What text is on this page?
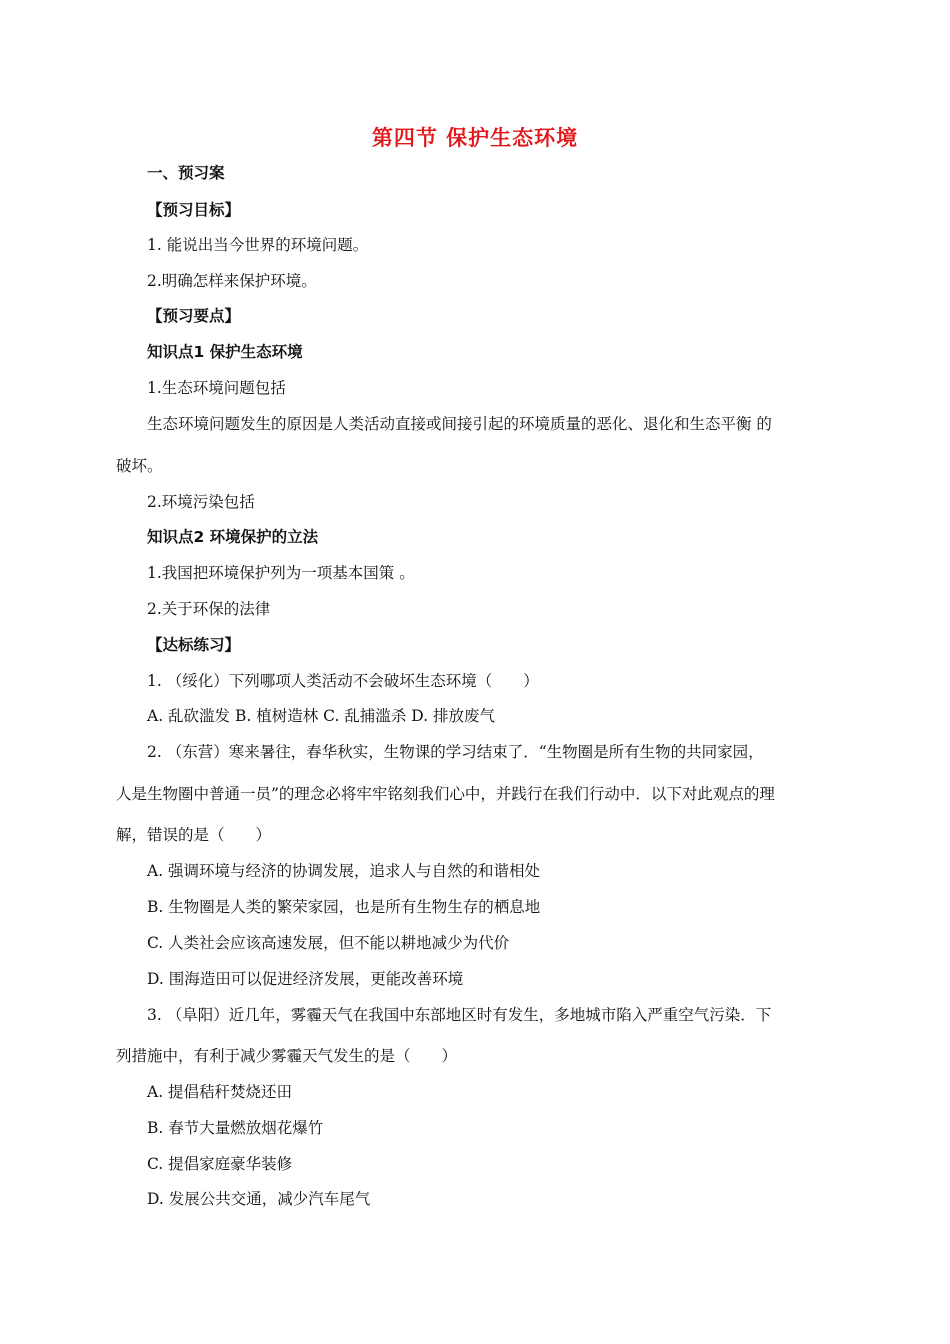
第四节 保护生态环境
一、预习案
【预习目标】
1. 能说出当今世界的环境问题。
2.明确怎样来保护环境。
【预习要点】
知识点1 保护生态环境
1.生态环境问题包括
生态环境问题发生的原因是人类活动直接或间接引起的环境质量的恶化、退化和生态平衡 的
破坏。
2.环境污染包括
知识点2 环境保护的立法
1.我国把环境保护列为一项基本国策 。
2.关于环保的法律
【达标练习】
1. （绥化）下列哪项人类活动不会破坏生态环境（　　）
A. 乱砍滥发 B. 植树造林 C. 乱捕滥杀 D. 排放废气
2. （东营）寒来暑往，春华秋实，生物课的学习结束了．“生物圈是所有生物的共同家园，
人是生物圈中普通一员”的理念必将牢牢铭刻我们心中，并践行在我们行动中．以下对此观点的理
解，错误的是（　　）
A. 强调环境与经济的协调发展，追求人与自然的和谐相处
B. 生物圈是人类的繁荣家园，也是所有生物生存的栖息地
C. 人类社会应该高速发展，但不能以耕地减少为代价
D. 围海造田可以促进经济发展，更能改善环境
3. （阜阳）近几年，雾霾天气在我国中东部地区时有发生，多地城市陷入严重空气污染．下
列措施中，有利于减少雾霾天气发生的是（　　）
A. 提倡秸秆焚烧还田
B. 春节大量燃放烟花爆竹
C. 提倡家庭豪华装修
D. 发展公共交通，减少汽车尾气
